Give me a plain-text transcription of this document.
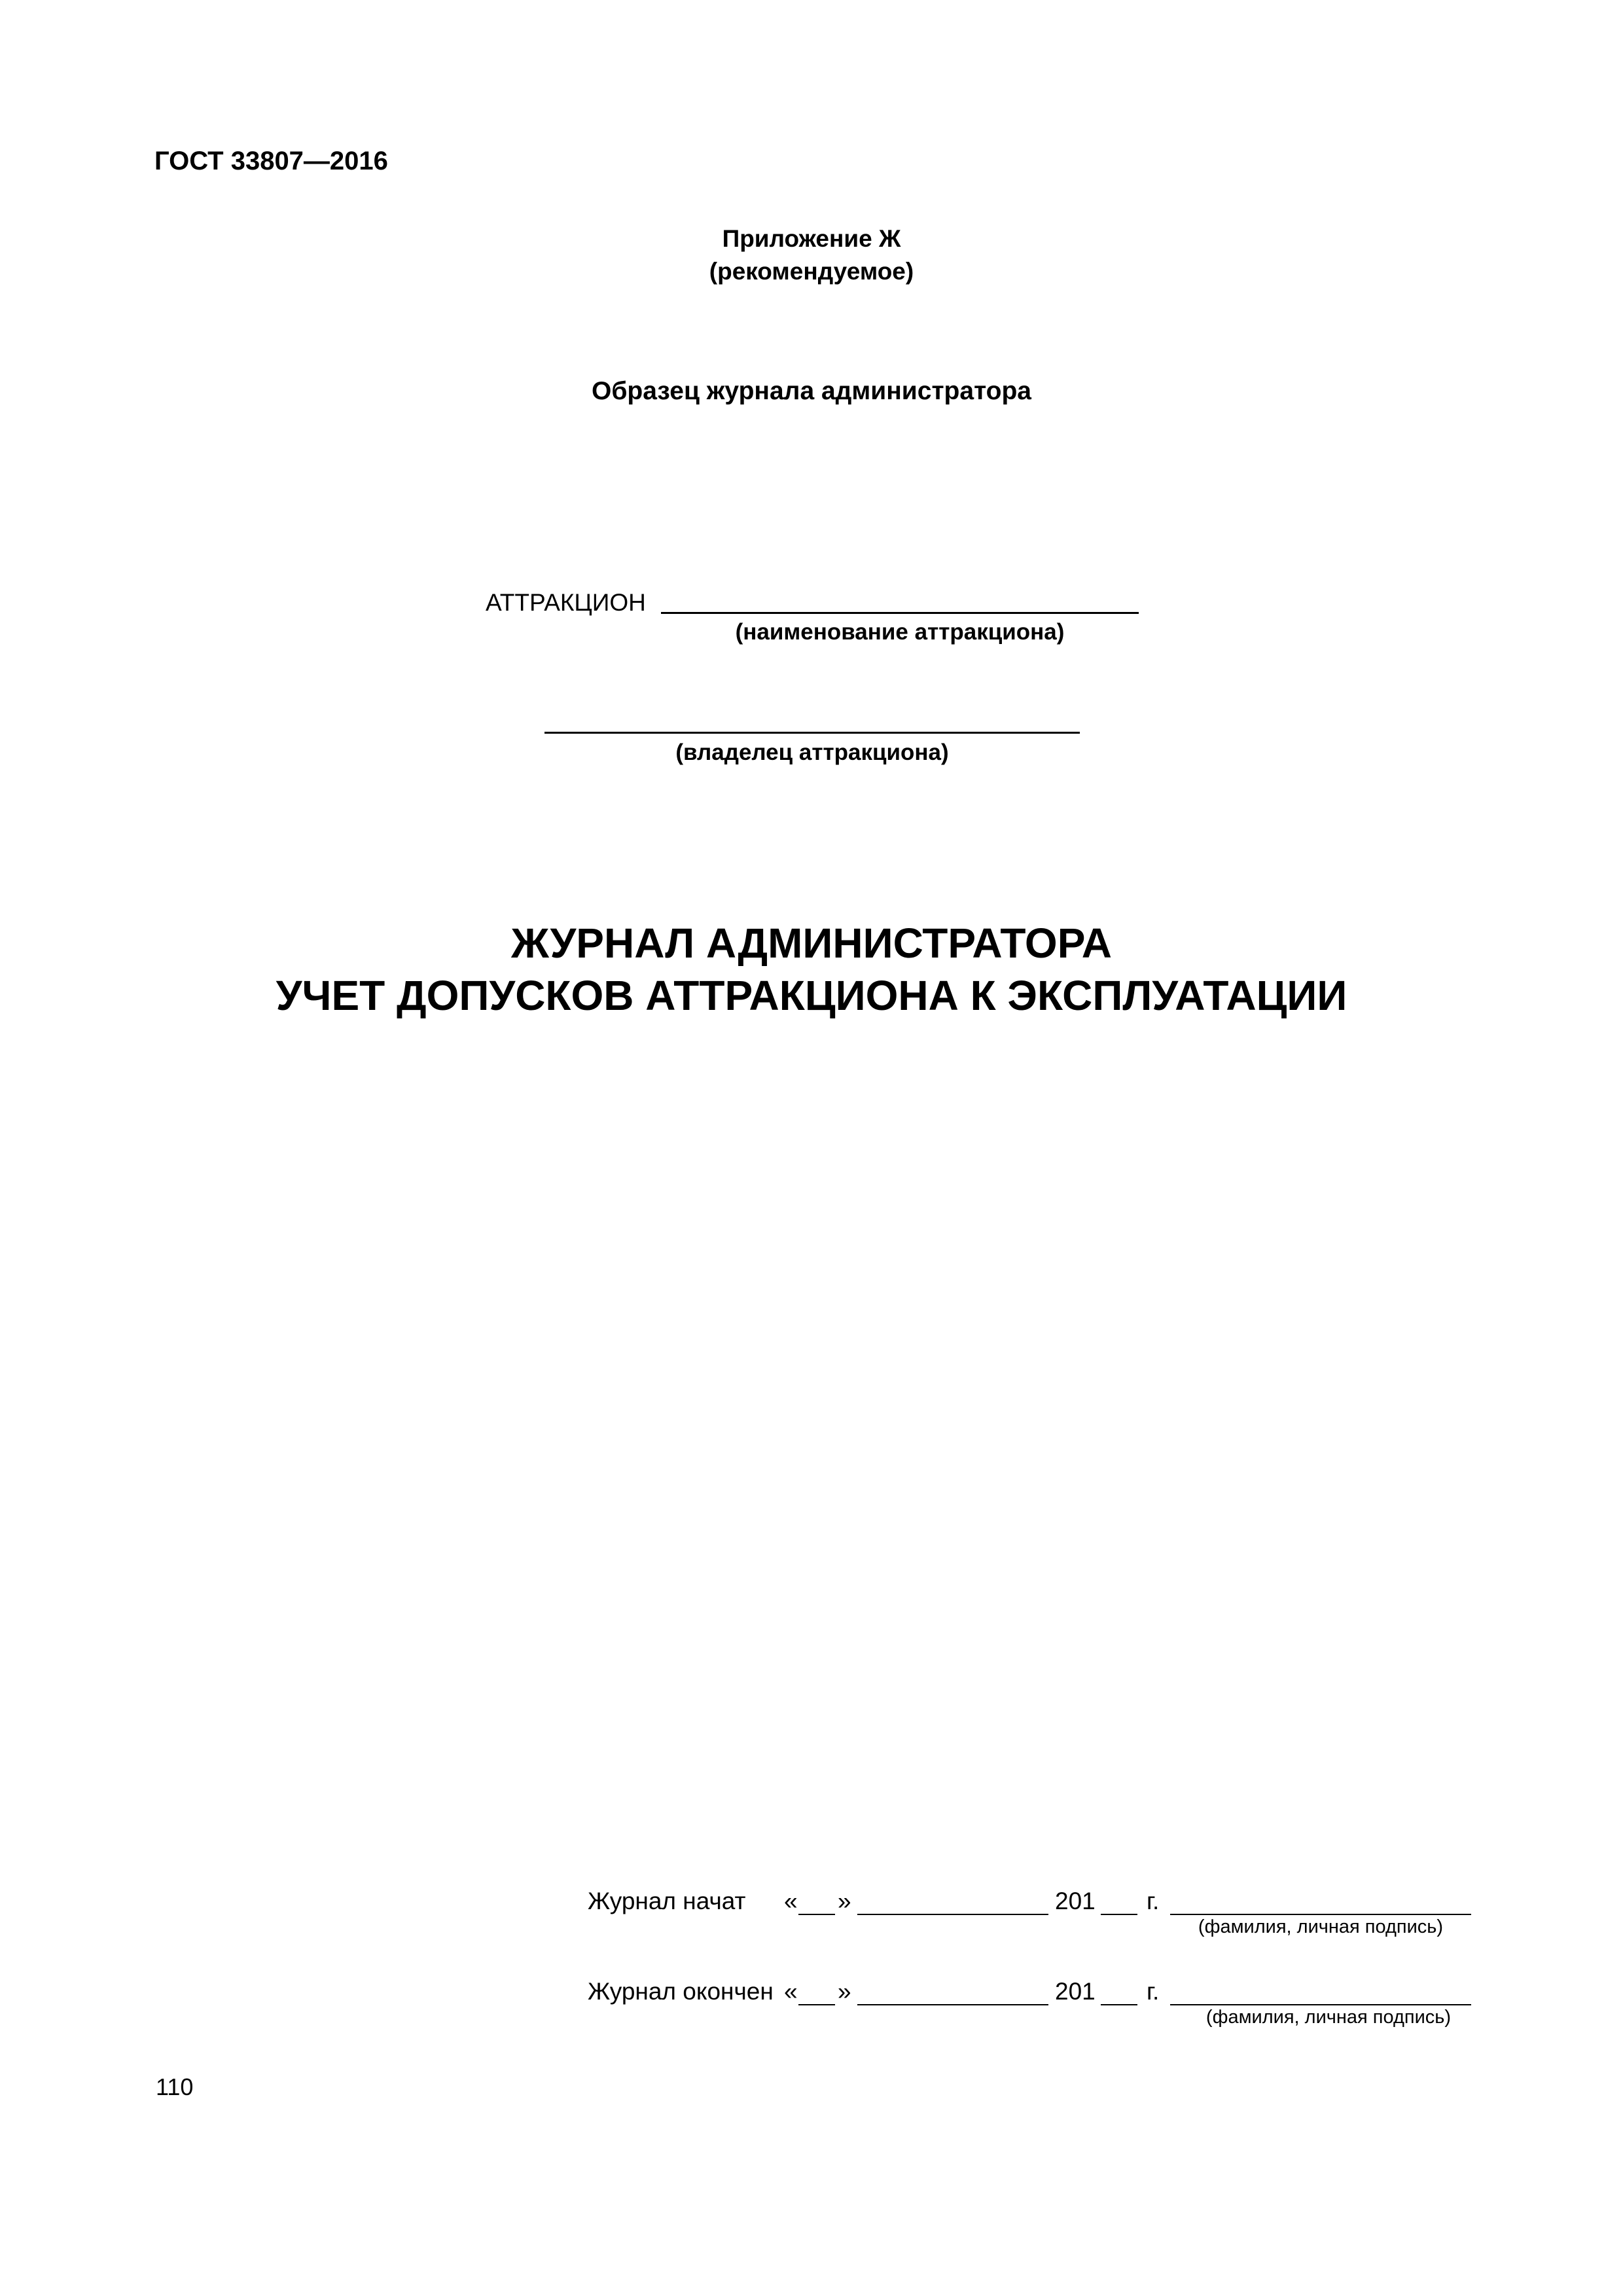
ГОСТ 33807—2016
Приложение Ж
(рекомендуемое)
Образец журнала администратора
АТТРАКЦИОН
(наименование аттракциона)
(владелец аттракциона)
ЖУРНАЛ АДМИНИСТРАТОРА
УЧЕТ ДОПУСКОВ АТТРАКЦИОНА К ЭКСПЛУАТАЦИИ
Журнал начат « »	201 г.
(фамилия, личная подпись)
Журнал окончен « »	201 г.
(фамилия, личная подпись)
110
